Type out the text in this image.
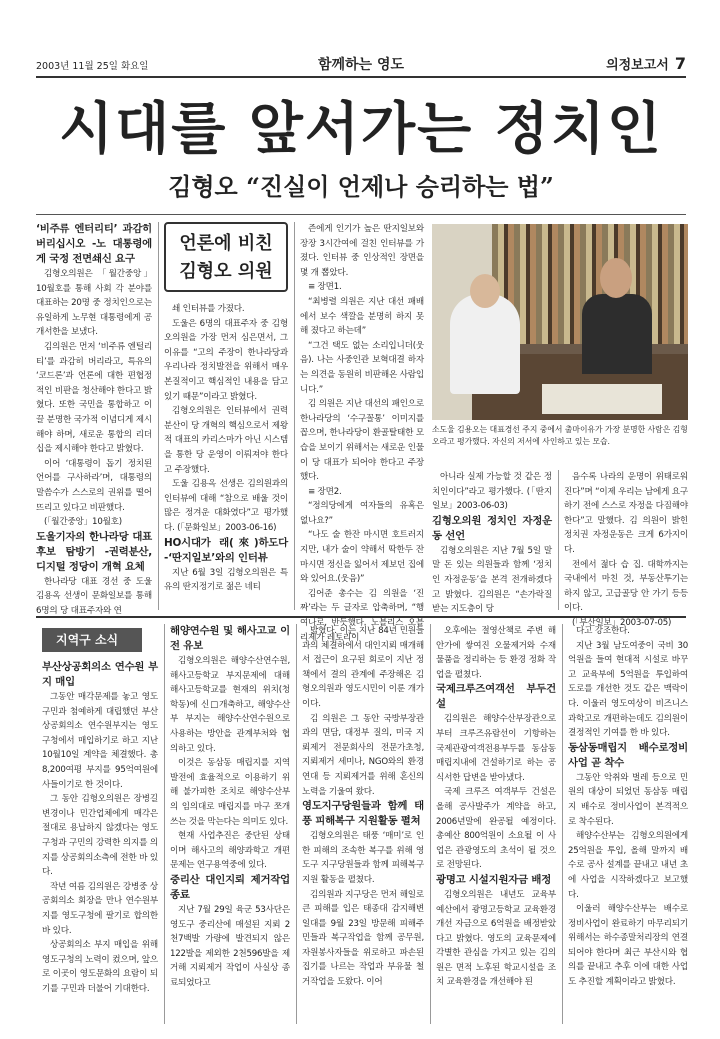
2003년 11월 25일 화요일	함께하는 영도	의정보고서 7
시대를 앞서가는 정치인
김형오 “진실이 언제나 승리하는 법”

‘비주류 엔터리티’ 과감히 버리십시오 -노 대통령에게 국정 전면쇄신 요구

김형오의원은 「월간중앙」10월호를 통해 사회 각 분야를 대표하는 20명 중 정치인으로는 유일하게 노무현 대통령에게 공개서한을 보냈다.

김의원은 먼저 ‘비주류 엔털리티’를 과감히 버리라고, 특유의 ‘코드론’과 언론에 대한 편협정적인 비판을 청산해야 한다고 밝혔다. 또한 국민을 통합하고 이끌 분명한 국가적 이념디게 제시해야 하며, 새로운 통합의 리더십을 제시해야 한다고 밝혔다.

이어 ‘대통령이 돕기 정치된 언어를 구사하라’며, 대통령의 말씀수가 스스로의 권위를 떨어뜨리고 있다고 비판했다.

(「월간중앙」10월호)

도울기자의 한나라당 대표 후보 탐방기 -권력분산, 디지털 정당이 개혁 요체

한나라당 대표 경선 중 도울 김용옥 선생이 문화일보를 통해 6명의 당 대표주자와 연

언론에 비친
김형오 의원

쇄 인터뷰를 가졌다.

도울은 6명의 대표주자 중 김형오의원을 가장 먼저 심은면서, 그 이유를 “고의 주장이 한나라당과 우리나라 정치발전을 위해서 매우 본질적이고 핵심적인 내용을 담고 있기 때문”이라고 밝혔다.

김형오의원은 인터뷰에서 권력 분산이 당 개혁의 핵심으로서 제왕적 대표의 카리스마가 아닌 시스템을 통한 당 운영이 이뤄져야 한다고 주장했다.

도울 김용옥 선생은 김의원과의 인터뷰에 대해 “참으로 배울 것이 많은 정겨운 대화였다”고 평가했다. (「문화일보」2003-06-16)

HO시대가 래(來)하도다 -‘딴지일보’와의 인터뷰

지난 6월 3일 김형오의원은 특유의 딴지정기로 젊은 네티

즌에게 인기가 높은 딴지일보와 장장 3시간여에 걸친 인터뷰를 가졌다. 인터뷰 중 인상적인 장면을 몇 개 뽑았다.

≡ 장면1.

“최병렬 의원은 지난 대선 패배에서 보수 색깔을 분명히 하지 못해 졌다고 하는데”

“그건 택도 없는 소리입니더(웃음). 나는 사중인관 보혁대결 하자는 의견을 동원히 비판해온 사람입니다.”

김 의원은 지난 대선의 패인으로 한나라당의 ‘수구꼴통’ 이미지를 꼽으며, 한나라당이 환골탈태한 모습을 보이기 위해서는 새로운 인물이 당 대표가 되어야 한다고 주장했다.

≡ 장면2.

“정의당에게 여자들의 유혹은 없나요?”

“나도 술 한잔 마시면 호트러지지만, 내가 술이 약해서 딱한두 잔 마시면 정신을 잃어서 제보던 집에 와 있어요.(웃음)”

김어준 총수는 김 의원을 ‘진짜’라는 두 글자로 압축하며, “행여나로, 반듯했다. 노블리스 오블리제가 레토리이

소도울 김용오는 대표경선 주지 중에서 출마이유가 가장 분명한 사람은 김형오라고 평가했다. 자신의 저서에 사인하고 있는 모습.

아니라 실제 가능할 것 같은 정치인이다”라고 평가했다. (「딴지일보」2003-06-03)

김형오의원 정치인 자정운동 선언

김형오의원은 지난 7월 5일 말말 돈 있는 의원들과 함께 ‘정치인 자정운동’을 본격 전개하겠다고 밝혔다. 김의원은 “손가락질 받는 지도층이 당

음수록 나라의 운명이 위태로워진다”며 “이제 우리는 남에게 요구하기 전에 스스로 자정을 다짐해야 한다”고 말했다. 김 의원이 밝힌 정치권 자정운동은 크게 6가지이다.

전에서 젊다 습 집. 대학까지는 국내에서 마친 것, 부동산투기는 하지 않고, 고급골당 안 가기 등등이다.

(「부산일보」2003-07-05)

지역구 소식

부산상공회의소 연수원 부지 매입

그동안 매각문제를 놓고 영도구민과 첨예하게 대립했던 부산상공회의소 연수원부지는 영도구청에서 매입하기로 하고 지난 10월10일 계약을 체결했다. 총 8,200여평 부지를 95억여원에 사들이기로 한 것이다.

그 동안 김형오의원은 장병길변경이나 민간업체에게 매각은 절대로 용납하지 않겠다는 영도구청과 구민의 강력한 의지를 의지를 상공회의소측에 전한 바 있다.

작년 여름 김의원은 강병중 상공회의소 회장을 만나 연수원부지를 영도구청에 팔기로 합의한 바 있다.

상공회의소 부지 매입을 위해 영도구청의 노력이 컸으며, 앞으로 이곳이 영도문화의 요람이 되기를 구민과 더불어 기대한다.

해양연수원 및 해사고교 이전 유보

김형오의원은 해양수산연수원, 해사고등학교 부지문제에 대해 해사고등학교를 현재의 위치(청학동)에 신□개축하고, 해양수산부 부지는 해양수산연수원으로 사용하는 방안을 관계부처와 협의하고 있다.

이것은 동삼동 매립지를 지역발전에 효율적으로 이용하기 위해 불가피한 조치로 해양수산부의 임의대로 매립지를 마구 쪼개쓰는 것을 막는다는 의미도 있다.

현재 사업추진은 중단된 상태이며 해사고의 해양과학고 개편문제는 연구용역중에 있다.

중리산 대인지뢰 제거작업 종료

지난 7월 29일 육군 53사단은 영도구 중리산에 매설된 지뢰 2천7백발 가량에 발견되지 않은 122발을 제외한 2천596발을 제거해 지뢰제거 작업이 사실상 종료되었다고

밝혔다. 이는 지난 84년 민원들과의 체결하에서 대인지뢰 매개해서 접근이 요구된 회로이 지난 정책에서 결의 관계에 주장해온 김형오의원과 영도시민이 이룬 개가이다.

김 의원은 그 동안 국방부장관과의 면담, 대정부 질의, 미국 지뢰제거 전문회사의 전문가초청, 지뢰제거 세미나, NGO와의 환경연대 등 지뢰제거를 위해 혼신의 노력을 기울여 왔다.

영도지구당원들과 함께 태풍 피해복구 지원활동 펼쳐

김형오의원은 태풍 ‘매미’로 인한 피해의 조속한 복구를 위해 영도구 지구당원들과 함께 피해복구 지원 활동을 펼쳤다.

김의원과 지구당은 먼저 해일로 큰 피해를 입은 태종대 감지해변 일대를 9월 23일 방문해 피해주민들과 복구작업을 함께 공무원, 자원봉사자들을 위로하고 파손된 집기를 나르는 작업과 부유물 철거작업을 도왔다. 이어

오후에는 절영산책로 주변 해안가에 쌓여진 오물제거와 수재물품을 정리하는 등 환경 정화 작업을 펼쳤다.

국제크루즈여객선 부두건설

김의원은 해양수산부장관으로부터 크루즈유람선이 기항하는 국제관광여객전용부두를 동삼동 매립지내에 건설하기로 하는 공식서한 답변을 받아냈다.

국제 크루즈 여객부두 건설은 올해 공사발주가 계약을 하고, 2006년말에 완공될 예정이다. 총예산 800억원이 소요될 이 사업은 관광영도의 초석이 될 것으로 전망된다.

광명고 시설지원자금 배정

김형오의원은 내년도 교육부 예산에서 광명고등학교 교육환경 개선 자금으로 6억원을 배정받았다고 밝혔다. 영도의 교육문제에 각별한 관심을 가지고 있는 김의원은 면적 노후된 학교시설을 조치 교육환경을 개선해야 된

다고 강조한다.

지난 3월 남도여중이 국비 30억원을 들여 현대적 시설로 바꾸고 교육부에 5억원을 투입하여 도로를 개선한 것도 같은 맥락이다. 이울러 영도여상이 비즈니스과학고로 개편하는데도 김의원이 결정적인 기여를 한 바 있다.

동삼동매립지 배수로정비 사업 곧 착수

그동안 악취와 벌레 등으로 민원의 대상이 되었던 동삼동 매립지 배수로 정비사업이 본격적으로 착수된다.

해양수산부는 김형오의원에게 25억원을 투입, 올해 말까지 배수로 공사 설계를 끝내고 내년 초에 사업을 시작하겠다고 보고했다.

이울러 해양수산부는 배수로 정비사업이 완료하기 마무리되기 위해서는 하수종말처리장의 연결되어야 한다며 최근 부산시와 협의를 끝내고 추후 이에 대한 사업도 추진할 계획이라고 밝혔다.
